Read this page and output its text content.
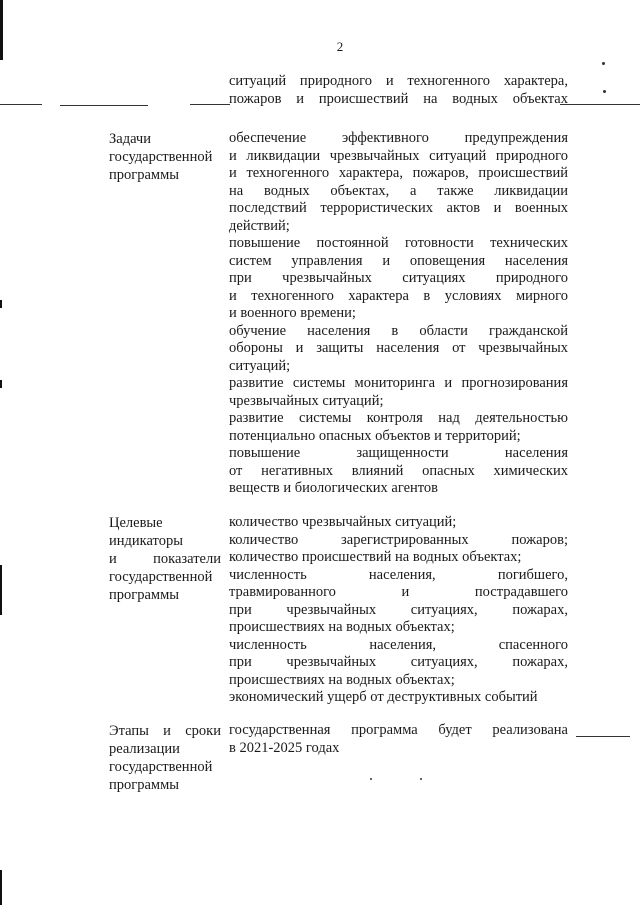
2
ситуаций природного и техногенного характера,
пожаров и происшествий на водных объектах
Задачи
государственной
программы
обеспечение эффективного предупреждения
и ликвидации чрезвычайных ситуаций природного
и техногенного характера, пожаров, происшествий
на водных объектах, а также ликвидации
последствий террористических актов и военных
действий;
повышение постоянной готовности технических
систем управления и оповещения населения
при чрезвычайных ситуациях природного
и техногенного характера в условиях мирного
и военного времени;
обучение населения в области гражданской
обороны и защиты населения от чрезвычайных
ситуаций;
развитие системы мониторинга и прогнозирования
чрезвычайных ситуаций;
развитие системы контроля над деятельностью
потенциально опасных объектов и территорий;
повышение защищенности населения
от негативных влияний опасных химических
веществ и биологических агентов
Целевые
индикаторы
и показатели
государственной
программы
количество чрезвычайных ситуаций;
количество зарегистрированных пожаров;
количество происшествий на водных объектах;
численность населения, погибшего,
травмированного и пострадавшего
при чрезвычайных ситуациях, пожарах,
происшествиях на водных объектах;
численность населения, спасенного
при чрезвычайных ситуациях, пожарах,
происшествиях на водных объектах;
экономический ущерб от деструктивных событий
Этапы и сроки
реализации
государственной
программы
государственная программа будет реализована
в 2021-2025 годах
